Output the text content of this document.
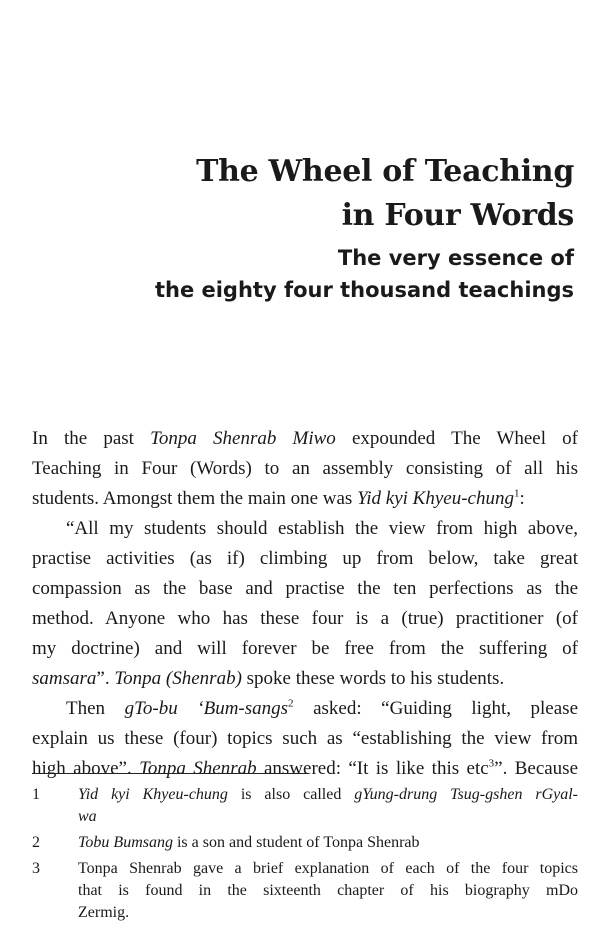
The Wheel of Teaching
in Four Words
The very essence of
the eighty four thousand teachings
In the past Tonpa Shenrab Miwo expounded The Wheel of
Teaching in Four (Words) to an assembly consisting of all his
students. Amongst them the main one was Yid kyi Khyeu-chung$^1$:
“All my students should establish the view from high above,
practise activities (as if) climbing up from below, take great
compassion as the base and practise the ten perfections as the
method. Anyone who has these four is a (true) practitioner (of
my doctrine) and will forever be free from the suffering of
samsara”. Tonpa (Shenrab) spoke these words to his students.
Then gTo-bu ‘Bum-sangs$^2$ asked: “Guiding light, please
explain us these (four) topics such as “establishing the view from
high above”. Tonpa Shenrab answered: “It is like this etc$^3$”. Because
1	Yid kyi Khyeu-chung is also called gYung-drung Tsug-gshen rGyal-
wa
2	Tobu Bumsang is a son and student of Tonpa Shenrab
3	Tonpa Shenrab gave a brief explanation of each of the four topics
that is found in the sixteenth chapter of his biography mDo
Zermig.
